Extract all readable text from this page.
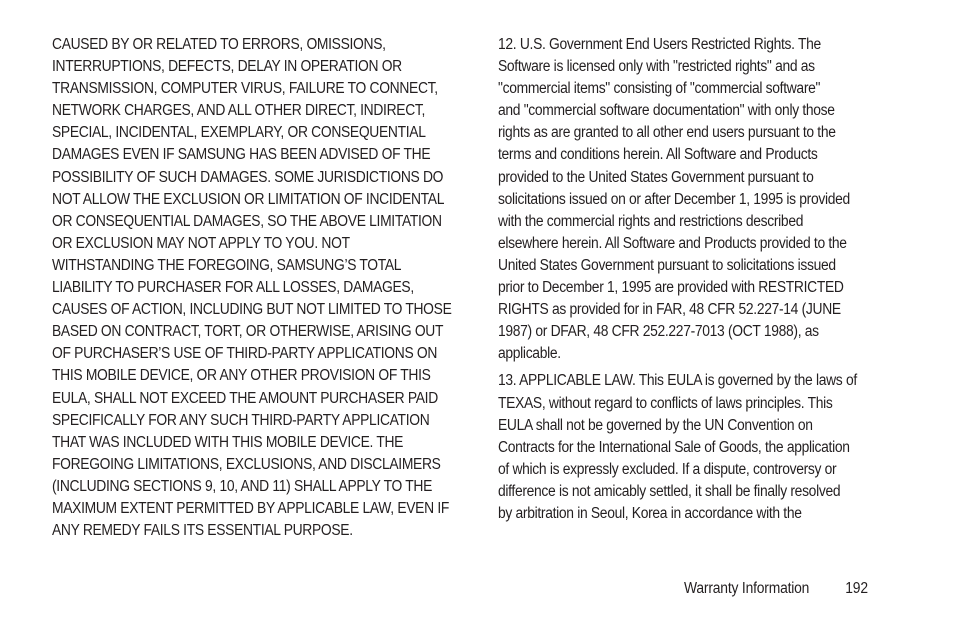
CAUSED BY OR RELATED TO ERRORS, OMISSIONS,
INTERRUPTIONS, DEFECTS, DELAY IN OPERATION OR
TRANSMISSION, COMPUTER VIRUS, FAILURE TO CONNECT,
NETWORK CHARGES, AND ALL OTHER DIRECT, INDIRECT,
SPECIAL, INCIDENTAL, EXEMPLARY, OR CONSEQUENTIAL
DAMAGES EVEN IF SAMSUNG HAS BEEN ADVISED OF THE
POSSIBILITY OF SUCH DAMAGES. SOME JURISDICTIONS DO
NOT ALLOW THE EXCLUSION OR LIMITATION OF INCIDENTAL
OR CONSEQUENTIAL DAMAGES, SO THE ABOVE LIMITATION
OR EXCLUSION MAY NOT APPLY TO YOU. NOT
WITHSTANDING THE FOREGOING, SAMSUNG’S TOTAL
LIABILITY TO PURCHASER FOR ALL LOSSES, DAMAGES,
CAUSES OF ACTION, INCLUDING BUT NOT LIMITED TO THOSE
BASED ON CONTRACT, TORT, OR OTHERWISE, ARISING OUT
OF PURCHASER’S USE OF THIRD-PARTY APPLICATIONS ON
THIS MOBILE DEVICE, OR ANY OTHER PROVISION OF THIS
EULA, SHALL NOT EXCEED THE AMOUNT PURCHASER PAID
SPECIFICALLY FOR ANY SUCH THIRD-PARTY APPLICATION
THAT WAS INCLUDED WITH THIS MOBILE DEVICE. THE
FOREGOING LIMITATIONS, EXCLUSIONS, AND DISCLAIMERS
(INCLUDING SECTIONS 9, 10, AND 11) SHALL APPLY TO THE
MAXIMUM EXTENT PERMITTED BY APPLICABLE LAW, EVEN IF
ANY REMEDY FAILS ITS ESSENTIAL PURPOSE.

12. U.S. Government End Users Restricted Rights. The
Software is licensed only with "restricted rights" and as
"commercial items" consisting of "commercial software"
and "commercial software documentation" with only those
rights as are granted to all other end users pursuant to the
terms and conditions herein. All Software and Products
provided to the United States Government pursuant to
solicitations issued on or after December 1, 1995 is provided
with the commercial rights and restrictions described
elsewhere herein. All Software and Products provided to the
United States Government pursuant to solicitations issued
prior to December 1, 1995 are provided with RESTRICTED
RIGHTS as provided for in FAR, 48 CFR 52.227-14 (JUNE
1987) or DFAR, 48 CFR 252.227-7013 (OCT 1988), as
applicable.

13. APPLICABLE LAW. This EULA is governed by the laws of
TEXAS, without regard to conflicts of laws principles. This
EULA shall not be governed by the UN Convention on
Contracts for the International Sale of Goods, the application
of which is expressly excluded. If a dispute, controversy or
difference is not amicably settled, it shall be finally resolved
by arbitration in Seoul, Korea in accordance with the

Warranty Information 192
